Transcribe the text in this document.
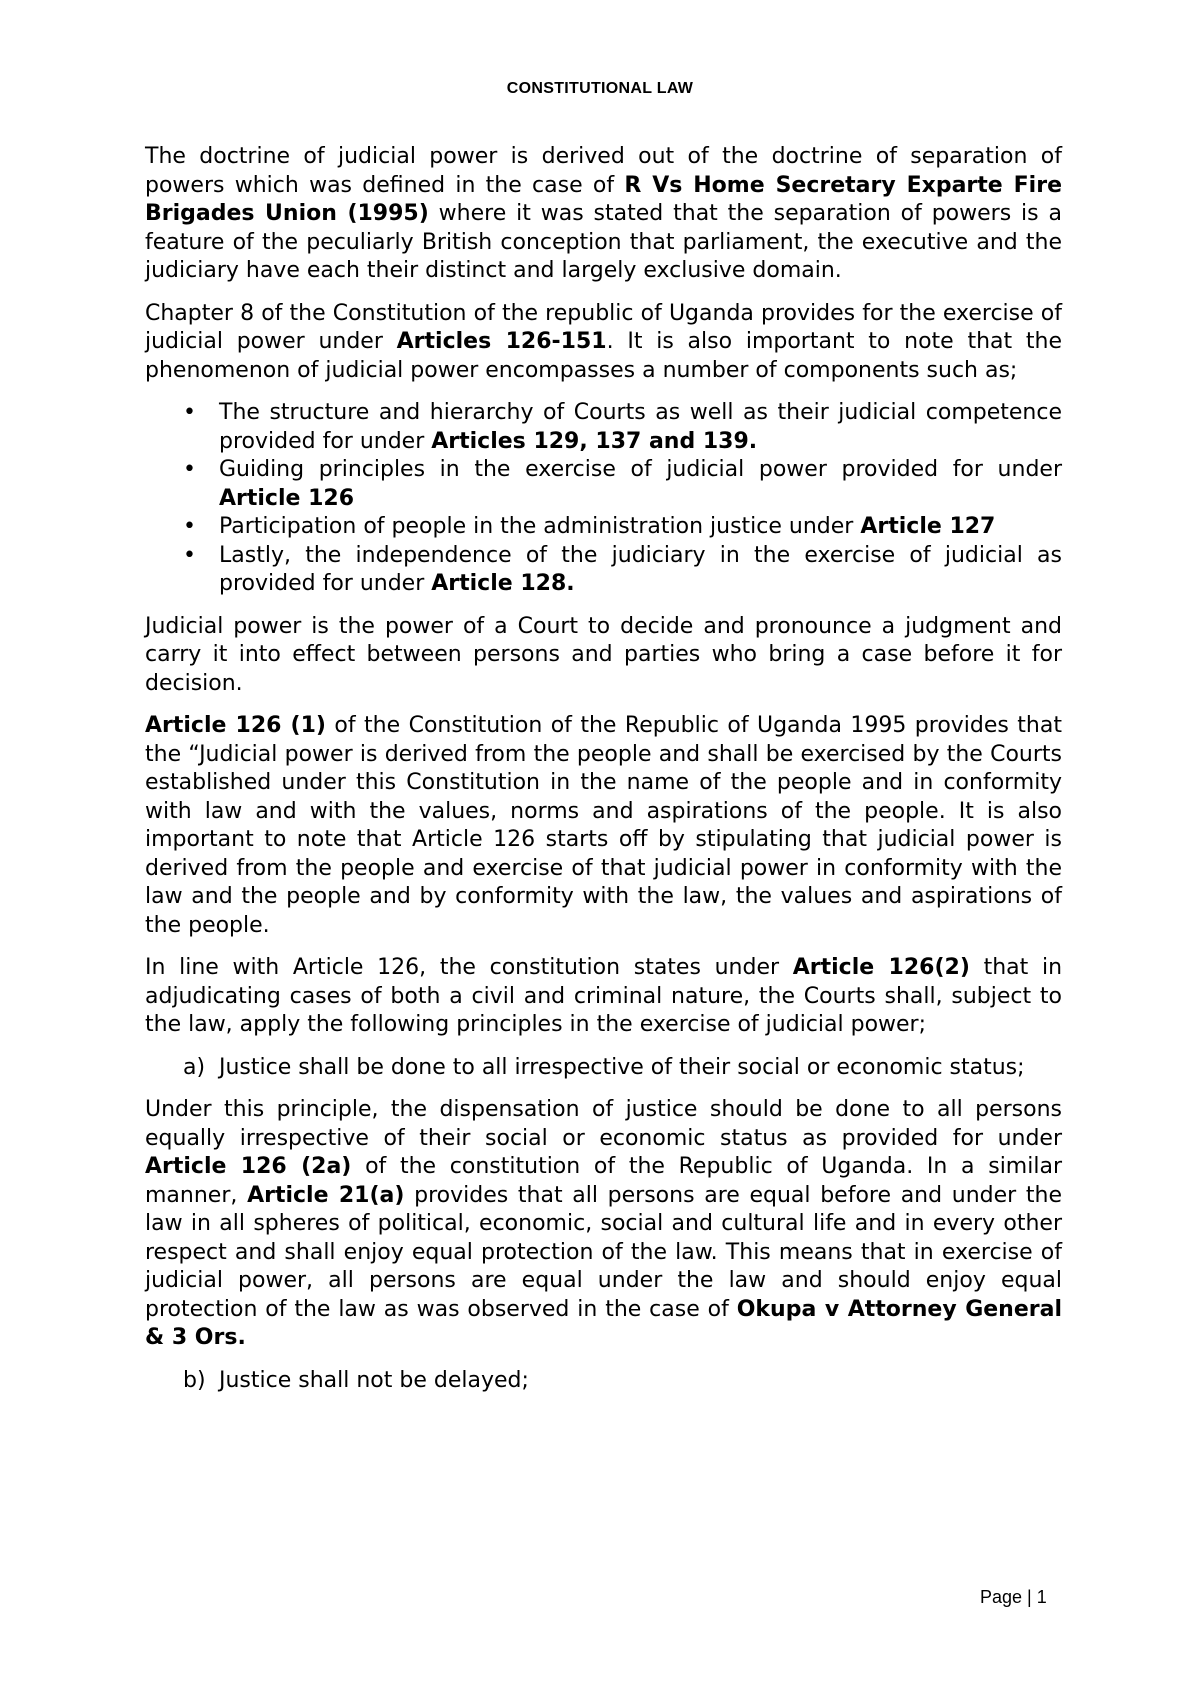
CONSTITUTIONAL LAW

The doctrine of judicial power is derived out of the doctrine of separation of powers which was defined in the case of R Vs Home Secretary Exparte Fire Brigades Union (1995) where it was stated that the separation of powers is a feature of the peculiarly British conception that parliament, the executive and the judiciary have each their distinct and largely exclusive domain.

Chapter 8 of the Constitution of the republic of Uganda provides for the exercise of judicial power under Articles 126-151. It is also important to note that the phenomenon of judicial power encompasses a number of components such as;

• The structure and hierarchy of Courts as well as their judicial competence provided for under Articles 129, 137 and 139.
• Guiding principles in the exercise of judicial power provided for under Article 126
• Participation of people in the administration justice under Article 127
• Lastly, the independence of the judiciary in the exercise of judicial as provided for under Article 128.

Judicial power is the power of a Court to decide and pronounce a judgment and carry it into effect between persons and parties who bring a case before it for decision.

Article 126 (1) of the Constitution of the Republic of Uganda 1995 provides that the “Judicial power is derived from the people and shall be exercised by the Courts established under this Constitution in the name of the people and in conformity with law and with the values, norms and aspirations of the people. It is also important to note that Article 126 starts off by stipulating that judicial power is derived from the people and exercise of that judicial power in conformity with the law and the people and by conformity with the law, the values and aspirations of the people.

In line with Article 126, the constitution states under Article 126(2) that in adjudicating cases of both a civil and criminal nature, the Courts shall, subject to the law, apply the following principles in the exercise of judicial power;

a) Justice shall be done to all irrespective of their social or economic status;

Under this principle, the dispensation of justice should be done to all persons equally irrespective of their social or economic status as provided for under Article 126 (2a) of the constitution of the Republic of Uganda. In a similar manner, Article 21(a) provides that all persons are equal before and under the law in all spheres of political, economic, social and cultural life and in every other respect and shall enjoy equal protection of the law. This means that in exercise of judicial power, all persons are equal under the law and should enjoy equal protection of the law as was observed in the case of Okupa v Attorney General & 3 Ors.

b) Justice shall not be delayed;
Page | 1
